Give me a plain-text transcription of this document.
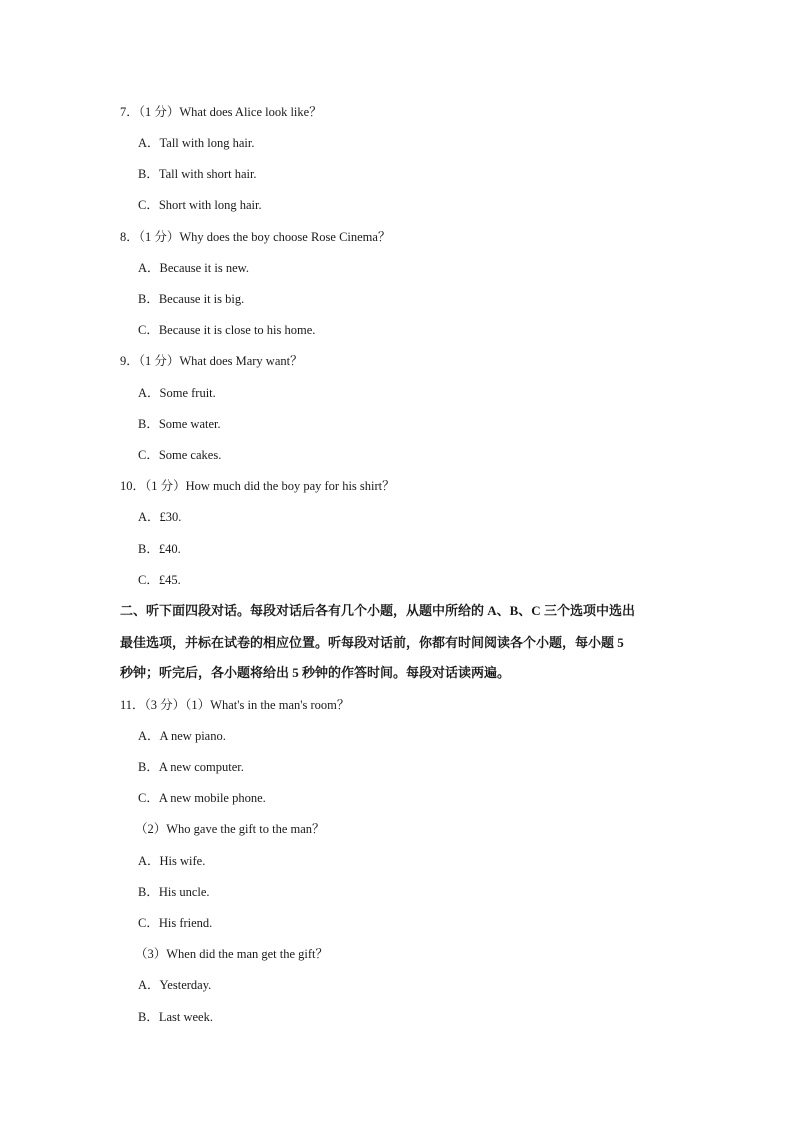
7．（1 分）What does Alice look like？
A．Tall with long hair.
B．Tall with short hair.
C．Short with long hair.
8．（1 分）Why does the boy choose Rose Cinema？
A．Because it is new.
B．Because it is big.
C．Because it is close to his home.
9．（1 分）What does Mary want？
A．Some fruit.
B．Some water.
C．Some cakes.
10．（1 分）How much did the boy pay for his shirt？
A．£30.
B．£40.
C．£45.
二、听下面四段对话。每段对话后各有几个小题，从题中所给的 A、B、C 三个选项中选出
最佳选项，并标在试卷的相应位置。听每段对话前，你都有时间阅读各个小题，每小题 5
秒钟；听完后，各小题将给出 5 秒钟的作答时间。每段对话读两遍。
11．（3 分）（1）What's in the man's room？
A．A new piano.
B．A new computer.
C．A new mobile phone.
（2）Who gave the gift to the man？
A．His wife.
B．His uncle.
C．His friend.
（3）When did the man get the gift？
A．Yesterday.
B．Last week.
